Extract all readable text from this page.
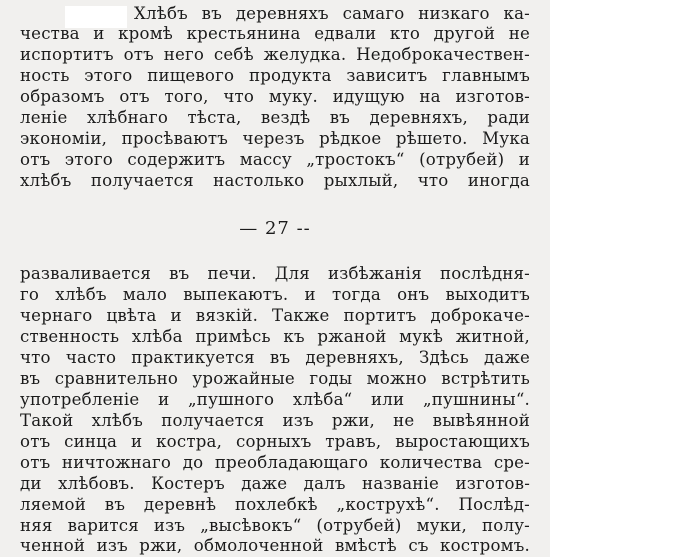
Хлѣбъ въ деревняхъ самаго низкаго ка-

чества и кромѣ крестьянина едвали кто другой не

испортитъ отъ него себѣ желудка. Недоброкачествен-

ность этого пищевого продукта зависитъ главнымъ

образомъ отъ того, что муку. идущую на изготов-

леніе хлѣбнаго тѣста, вездѣ въ деревняхъ, ради

экономіи, просѣваютъ черезъ рѣдкое рѣшето. Мука

отъ этого содержитъ массу „тростокъ“ (отрубей) и

хлѣбъ получается настолько рыхлый, что иногда

— 27 --

разваливается въ печи. Для избѣжанія послѣдня-

го хлѣбъ мало выпекаютъ. и тогда онъ выходитъ

чернаго цвѣта и вязкій. Также портитъ доброкаче-

ственность хлѣба примѣсь къ ржаной мукѣ житной,

что часто практикуется въ деревняхъ, Здѣсь даже

въ сравнительно урожайные годы можно встрѣтить

употребленіе и „пушного хлѣба“ или „пушнины“.

Такой хлѣбъ получается изъ ржи, не вывѣянной

отъ синца и костра, сорныхъ травъ, выростающихъ

отъ ничтожнаго до преобладающаго количества сре-

ди хлѣбовъ. Костеръ даже далъ названіе изготов-

ляемой въ деревнѣ похлебкѣ „кострухѣ“. Послѣд-

няя варится изъ „высѣвокъ“ (отрубей) муки, полу-

ченной изъ ржи, обмолоченной вмѣстѣ съ костромъ.
